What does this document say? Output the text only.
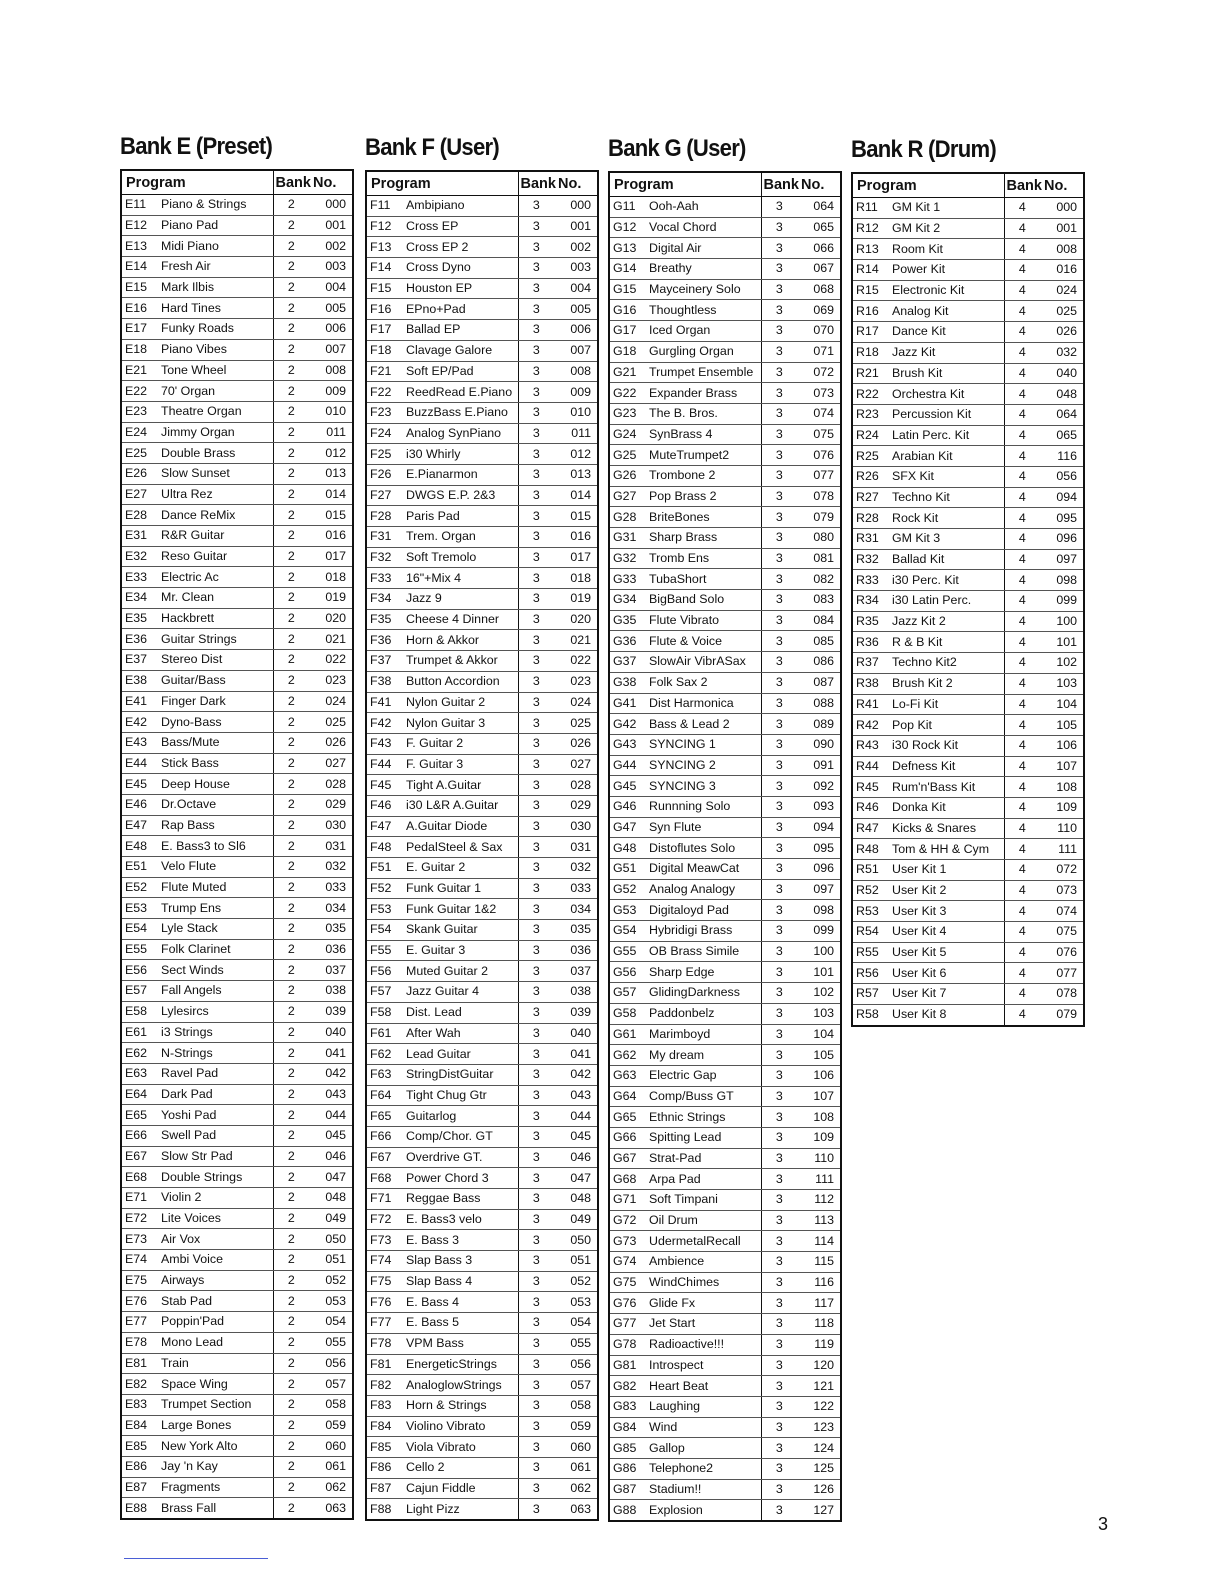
Bank E (Preset)
Program		Bank	No.
E11	Piano & Strings	2	000
E12	Piano Pad	2	001
E13	Midi Piano	2	002
E14	Fresh Air	2	003
E15	Mark Ilbis	2	004
E16	Hard Tines	2	005
E17	Funky Roads	2	006
E18	Piano Vibes	2	007
E21	Tone Wheel	2	008
E22	70' Organ	2	009
E23	Theatre Organ	2	010
E24	Jimmy Organ	2	011
E25	Double Brass	2	012
E26	Slow Sunset	2	013
E27	Ultra Rez	2	014
E28	Dance ReMix	2	015
E31	R&R Guitar	2	016
E32	Reso Guitar	2	017
E33	Electric Ac	2	018
E34	Mr. Clean	2	019
E35	Hackbrett	2	020
E36	Guitar Strings	2	021
E37	Stereo Dist	2	022
E38	Guitar/Bass	2	023
E41	Finger Dark	2	024
E42	Dyno-Bass	2	025
E43	Bass/Mute	2	026
E44	Stick Bass	2	027
E45	Deep House	2	028
E46	Dr.Octave	2	029
E47	Rap Bass	2	030
E48	E. Bass3 to Sl6	2	031
E51	Velo Flute	2	032
E52	Flute Muted	2	033
E53	Trump Ens	2	034
E54	Lyle Stack	2	035
E55	Folk Clarinet	2	036
E56	Sect Winds	2	037
E57	Fall Angels	2	038
E58	Lylesircs	2	039
E61	i3 Strings	2	040
E62	N-Strings	2	041
E63	Ravel Pad	2	042
E64	Dark Pad	2	043
E65	Yoshi Pad	2	044
E66	Swell Pad	2	045
E67	Slow Str Pad	2	046
E68	Double Strings	2	047
E71	Violin 2	2	048
E72	Lite Voices	2	049
E73	Air Vox	2	050
E74	Ambi Voice	2	051
E75	Airways	2	052
E76	Stab Pad	2	053
E77	Poppin'Pad	2	054
E78	Mono Lead	2	055
E81	Train	2	056
E82	Space Wing	2	057
E83	Trumpet Section	2	058
E84	Large Bones	2	059
E85	New York Alto	2	060
E86	Jay 'n Kay	2	061
E87	Fragments	2	062
E88	Brass Fall	2	063
Bank F (User)
Program		Bank	No.
F11	Ambipiano	3	000
F12	Cross EP	3	001
F13	Cross EP 2	3	002
F14	Cross Dyno	3	003
F15	Houston EP	3	004
F16	EPno+Pad	3	005
F17	Ballad EP	3	006
F18	Clavage Galore	3	007
F21	Soft EP/Pad	3	008
F22	ReedRead E.Piano	3	009
F23	BuzzBass E.Piano	3	010
F24	Analog SynPiano	3	011
F25	i30 Whirly	3	012
F26	E.Pianarmon	3	013
F27	DWGS E.P. 2&3	3	014
F28	Paris Pad	3	015
F31	Trem. Organ	3	016
F32	Soft Tremolo	3	017
F33	16"+Mix 4	3	018
F34	Jazz 9	3	019
F35	Cheese 4 Dinner	3	020
F36	Horn & Akkor	3	021
F37	Trumpet & Akkor	3	022
F38	Button Accordion	3	023
F41	Nylon Guitar 2	3	024
F42	Nylon Guitar 3	3	025
F43	F. Guitar 2	3	026
F44	F. Guitar 3	3	027
F45	Tight A.Guitar	3	028
F46	i30 L&R A.Guitar	3	029
F47	A.Guitar Diode	3	030
F48	PedalSteel & Sax	3	031
F51	E. Guitar 2	3	032
F52	Funk Guitar 1	3	033
F53	Funk Guitar 1&2	3	034
F54	Skank Guitar	3	035
F55	E. Guitar 3	3	036
F56	Muted Guitar 2	3	037
F57	Jazz Guitar 4	3	038
F58	Dist. Lead	3	039
F61	After Wah	3	040
F62	Lead Guitar	3	041
F63	StringDistGuitar	3	042
F64	Tight Chug Gtr	3	043
F65	Guitarlog	3	044
F66	Comp/Chor. GT	3	045
F67	Overdrive GT.	3	046
F68	Power Chord 3	3	047
F71	Reggae Bass	3	048
F72	E. Bass3 velo	3	049
F73	E. Bass 3	3	050
F74	Slap Bass 3	3	051
F75	Slap Bass 4	3	052
F76	E. Bass 4	3	053
F77	E. Bass 5	3	054
F78	VPM Bass	3	055
F81	EnergeticStrings	3	056
F82	AnaloglowStrings	3	057
F83	Horn & Strings	3	058
F84	Violino Vibrato	3	059
F85	Viola Vibrato	3	060
F86	Cello 2	3	061
F87	Cajun Fiddle	3	062
F88	Light Pizz	3	063
Bank G (User)
Program		Bank	No.
G11	Ooh-Aah	3	064
G12	Vocal Chord	3	065
G13	Digital Air	3	066
G14	Breathy	3	067
G15	Mayceinery Solo	3	068
G16	Thoughtless	3	069
G17	Iced Organ	3	070
G18	Gurgling Organ	3	071
G21	Trumpet Ensemble	3	072
G22	Expander Brass	3	073
G23	The B. Bros.	3	074
G24	SynBrass 4	3	075
G25	MuteTrumpet2	3	076
G26	Trombone 2	3	077
G27	Pop Brass 2	3	078
G28	BriteBones	3	079
G31	Sharp Brass	3	080
G32	Tromb Ens	3	081
G33	TubaShort	3	082
G34	BigBand Solo	3	083
G35	Flute Vibrato	3	084
G36	Flute & Voice	3	085
G37	SlowAir VibrASax	3	086
G38	Folk Sax 2	3	087
G41	Dist Harmonica	3	088
G42	Bass & Lead 2	3	089
G43	SYNCING 1	3	090
G44	SYNCING 2	3	091
G45	SYNCING 3	3	092
G46	Runnning Solo	3	093
G47	Syn Flute	3	094
G48	Distoflutes Solo	3	095
G51	Digital MeawCat	3	096
G52	Analog Analogy	3	097
G53	Digitaloyd Pad	3	098
G54	Hybridigi Brass	3	099
G55	OB Brass Simile	3	100
G56	Sharp Edge	3	101
G57	GlidingDarkness	3	102
G58	Paddonbelz	3	103
G61	Marimboyd	3	104
G62	My dream	3	105
G63	Electric Gap	3	106
G64	Comp/Buss GT	3	107
G65	Ethnic Strings	3	108
G66	Spitting Lead	3	109
G67	Strat-Pad	3	110
G68	Arpa Pad	3	111
G71	Soft Timpani	3	112
G72	Oil Drum	3	113
G73	UdermetalRecall	3	114
G74	Ambience	3	115
G75	WindChimes	3	116
G76	Glide Fx	3	117
G77	Jet Start	3	118
G78	Radioactive!!!	3	119
G81	Introspect	3	120
G82	Heart Beat	3	121
G83	Laughing	3	122
G84	Wind	3	123
G85	Gallop	3	124
G86	Telephone2	3	125
G87	Stadium!!	3	126
G88	Explosion	3	127
Bank R (Drum)
Program		Bank	No.
R11	GM Kit 1	4	000
R12	GM Kit 2	4	001
R13	Room Kit	4	008
R14	Power Kit	4	016
R15	Electronic Kit	4	024
R16	Analog Kit	4	025
R17	Dance Kit	4	026
R18	Jazz Kit	4	032
R21	Brush Kit	4	040
R22	Orchestra Kit	4	048
R23	Percussion Kit	4	064
R24	Latin Perc. Kit	4	065
R25	Arabian Kit	4	116
R26	SFX Kit	4	056
R27	Techno Kit	4	094
R28	Rock Kit	4	095
R31	GM Kit 3	4	096
R32	Ballad Kit	4	097
R33	i30 Perc. Kit	4	098
R34	i30 Latin Perc.	4	099
R35	Jazz Kit 2	4	100
R36	R & B Kit	4	101
R37	Techno Kit2	4	102
R38	Brush Kit 2	4	103
R41	Lo-Fi Kit	4	104
R42	Pop Kit	4	105
R43	i30 Rock Kit	4	106
R44	Defness Kit	4	107
R45	Rum'n'Bass Kit	4	108
R46	Donka Kit	4	109
R47	Kicks & Snares	4	110
R48	Tom & HH & Cym	4	111
R51	User Kit 1	4	072
R52	User Kit 2	4	073
R53	User Kit 3	4	074
R54	User Kit 4	4	075
R55	User Kit 5	4	076
R56	User Kit 6	4	077
R57	User Kit 7	4	078
R58	User Kit 8	4	079
3
